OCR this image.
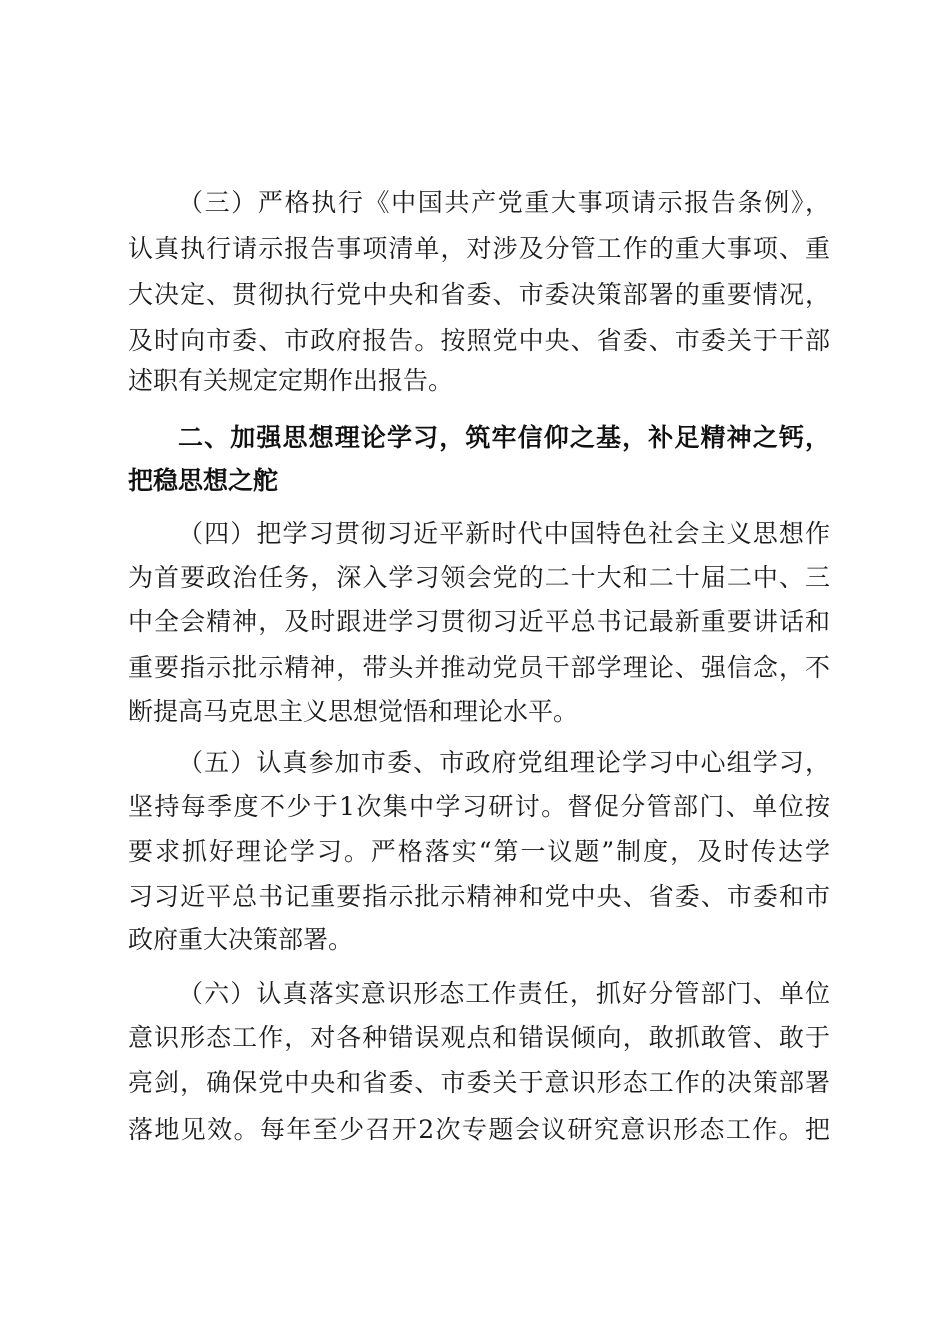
（三）严格执行《中国共产党重大事项请示报告条例》，
认真执行请示报告事项清单，对涉及分管工作的重大事项、重
大决定、贯彻执行党中央和省委、市委决策部署的重要情况，
及时向市委、市政府报告。按照党中央、省委、市委关于干部
述职有关规定定期作出报告。
二、加强思想理论学习，筑牢信仰之基，补足精神之钙，
把稳思想之舵
（四）把学习贯彻习近平新时代中国特色社会主义思想作
为首要政治任务，深入学习领会党的二十大和二十届二中、三
中全会精神，及时跟进学习贯彻习近平总书记最新重要讲话和
重要指示批示精神，带头并推动党员干部学理论、强信念，不
断提高马克思主义思想觉悟和理论水平。
（五）认真参加市委、市政府党组理论学习中心组学习，
坚持每季度不少于1次集中学习研讨。督促分管部门、单位按
要求抓好理论学习。严格落实“第一议题”制度，及时传达学
习习近平总书记重要指示批示精神和党中央、省委、市委和市
政府重大决策部署。
（六）认真落实意识形态工作责任，抓好分管部门、单位
意识形态工作，对各种错误观点和错误倾向，敢抓敢管、敢于
亮剑，确保党中央和省委、市委关于意识形态工作的决策部署
落地见效。每年至少召开2次专题会议研究意识形态工作。把
